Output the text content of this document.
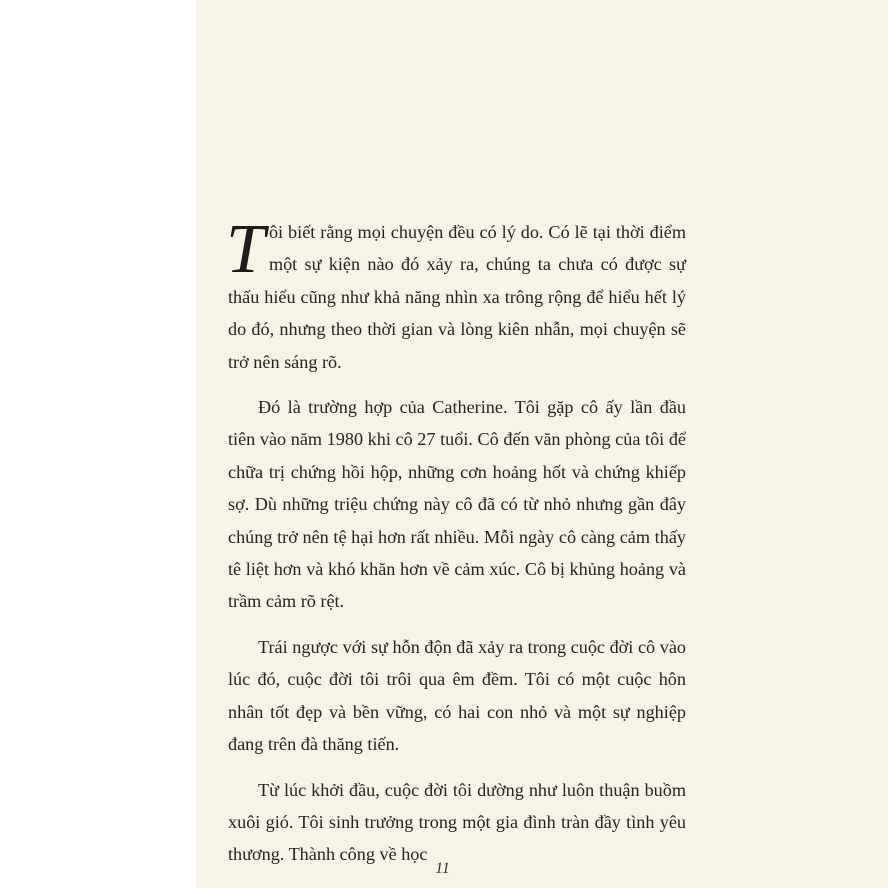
Tôi biết rằng mọi chuyện đều có lý do. Có lẽ tại thời điểm một sự kiện nào đó xảy ra, chúng ta chưa có được sự thấu hiểu cũng như khả năng nhìn xa trông rộng để hiểu hết lý do đó, nhưng theo thời gian và lòng kiên nhẫn, mọi chuyện sẽ trở nên sáng rõ.

Đó là trường hợp của Catherine. Tôi gặp cô ấy lần đầu tiên vào năm 1980 khi cô 27 tuổi. Cô đến văn phòng của tôi để chữa trị chứng hồi hộp, những cơn hoảng hốt và chứng khiếp sợ. Dù những triệu chứng này cô đã có từ nhỏ nhưng gần đây chúng trở nên tệ hại hơn rất nhiều. Mỗi ngày cô càng cảm thấy tê liệt hơn và khó khăn hơn về cảm xúc. Cô bị khủng hoảng và trầm cảm rõ rệt.

Trái ngược với sự hỗn độn đã xảy ra trong cuộc đời cô vào lúc đó, cuộc đời tôi trôi qua êm đềm. Tôi có một cuộc hôn nhân tốt đẹp và bền vững, có hai con nhỏ và một sự nghiệp đang trên đà thăng tiến.

Từ lúc khởi đầu, cuộc đời tôi dường như luôn thuận buồm xuôi gió. Tôi sinh trưởng trong một gia đình tràn đầy tình yêu thương. Thành công về học

11
